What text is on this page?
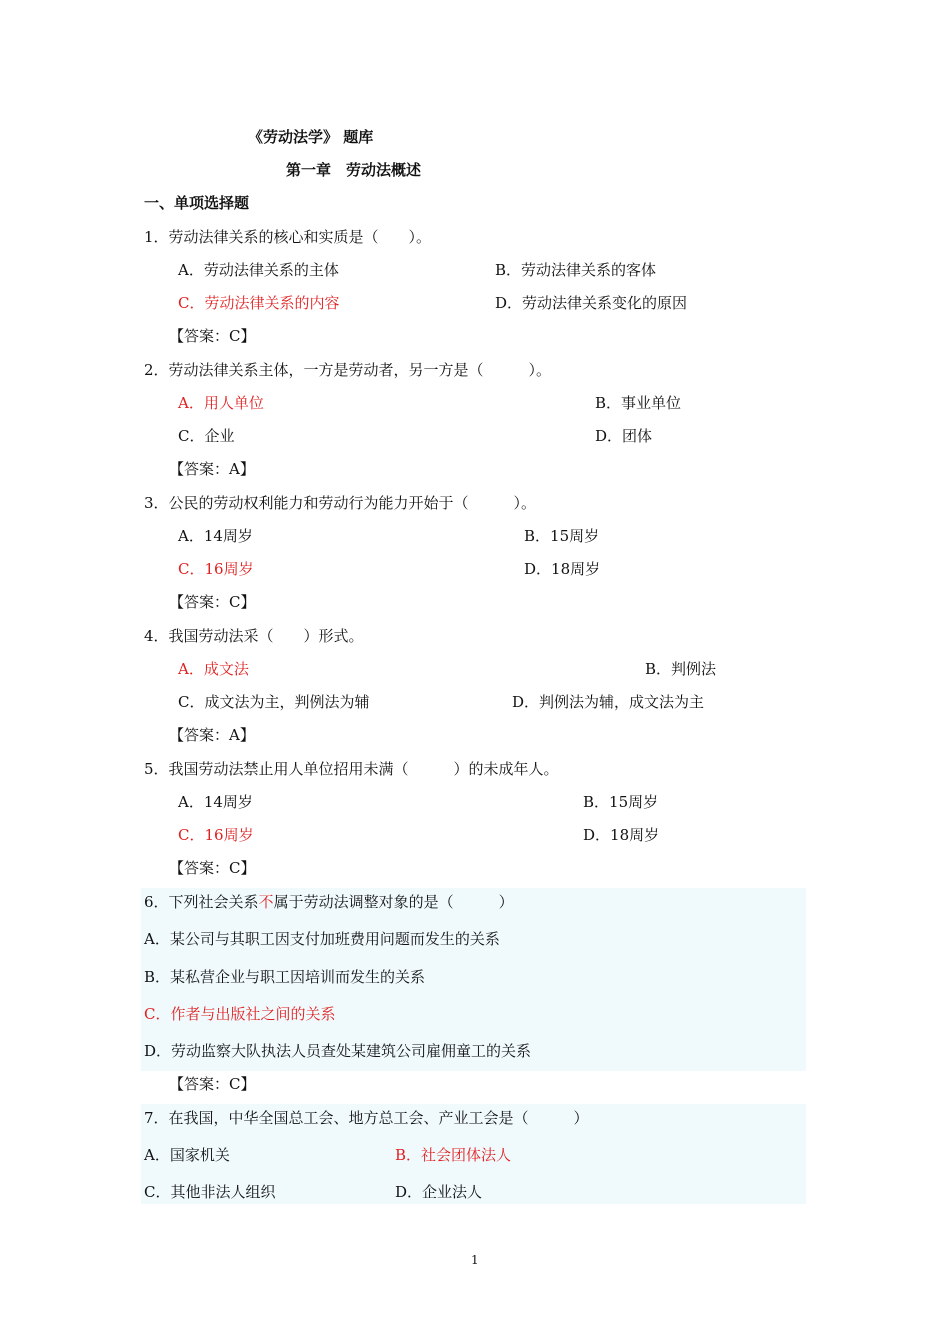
《劳动法学》 题库
第一章　劳动法概述
一、单项选择题
1．劳动法律关系的核心和实质是（　　）。
A．劳动法律关系的主体	B．劳动法律关系的客体
C．劳动法律关系的内容	D．劳动法律关系变化的原因
【答案：C】
2．劳动法律关系主体，一方是劳动者，另一方是（　　　）。
A．用人单位	B．事业单位
C．企业	D．团体
【答案：A】
3．公民的劳动权利能力和劳动行为能力开始于（　　　）。
A．14周岁	B．15周岁
C．16周岁	D．18周岁
【答案：C】
4．我国劳动法采（　　）形式。
A．成文法	B．判例法
C．成文法为主，判例法为辅	D．判例法为辅，成文法为主
【答案：A】
5．我国劳动法禁止用人单位招用未满（　　　）的未成年人。
A．14周岁	B．15周岁
C．16周岁	D．18周岁
【答案：C】
6．下列社会关系不属于劳动法调整对象的是（　　　）
A．某公司与其职工因支付加班费用问题而发生的关系
B．某私营企业与职工因培训而发生的关系
C．作者与出版社之间的关系
D．劳动监察大队执法人员查处某建筑公司雇佣童工的关系
【答案：C】
7．在我国，中华全国总工会、地方总工会、产业工会是（　　　）
A．国家机关	B．社会团体法人
C．其他非法人组织	D．企业法人
1
